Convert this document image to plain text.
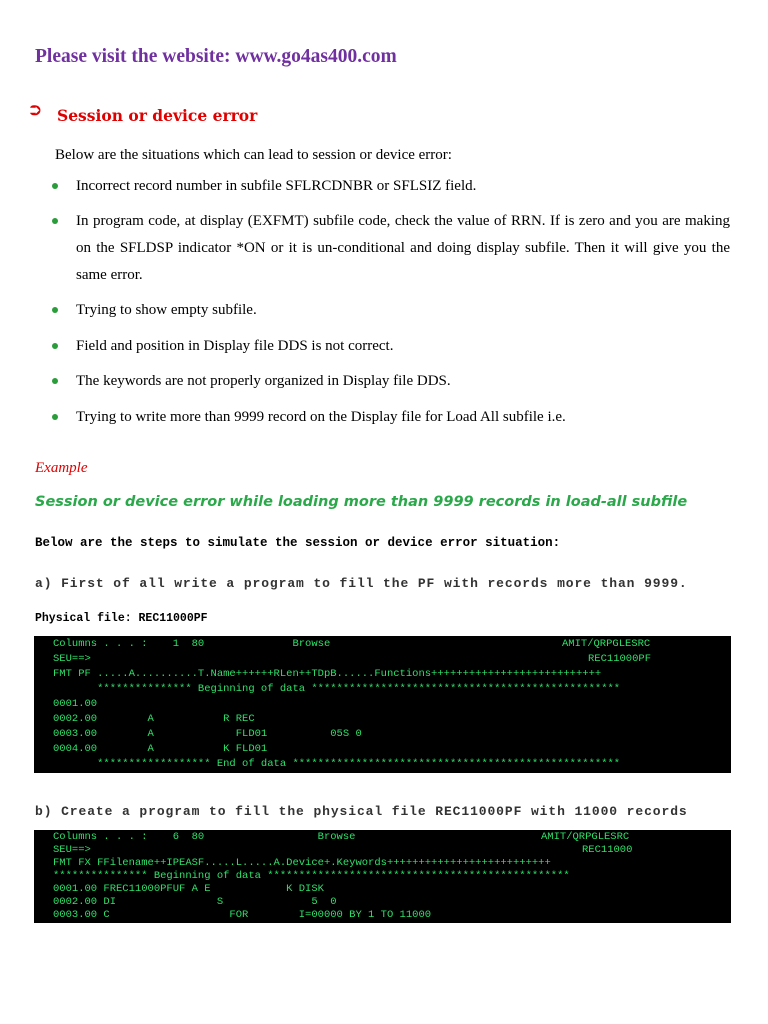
Please visit the website: www.go4as400.com
⮊ Session or device error
Below are the situations which can lead to session or device error:
Incorrect record number in subfile SFLRCDNBR or SFLSIZ field.
In program code, at display (EXFMT) subfile code, check the value of RRN. If is zero and you are making on the SFLDSP indicator *ON or it is un-conditional and doing display subfile. Then it will give you the same error.
Trying to show empty subfile.
Field and position in Display file DDS is not correct.
The keywords are not properly organized in Display file DDS.
Trying to write more than 9999 record on the Display file for Load All subfile i.e.
Example
Session or device error while loading more than 9999 records in load-all subfile
Below are the steps to simulate the session or device error situation:
a) First of all write a program to fill the PF with records more than 9999.
Physical file: REC11000PF
Columns . . . :    1  80              Browse	AMIT/QRPGLESRC
SEU==>	REC11000PF
FMT PF .....A..........T.Name++++++RLen++TDpB......Functions+++++++++++++++++++++++++++
*************** Beginning of data *************************************************
0001.00
0002.00        A           R REC
0003.00        A             FLD01          05S 0
0004.00        A           K FLD01
****************** End of data ****************************************************
b) Create a program to fill the physical file REC11000PF with 11000 records
Columns . . . :    6  80                  Browse	AMIT/QRPGLESRC
SEU==>	REC11000
FMT FX FFilename++IPEASF.....L.....A.Device+.Keywords++++++++++++++++++++++++++
*************** Beginning of data ************************************************
0001.00 FREC11000PFUF A E            K DISK
0002.00 DI                S              5  0
0003.00 C                   FOR        I=00000 BY 1 TO 11000
